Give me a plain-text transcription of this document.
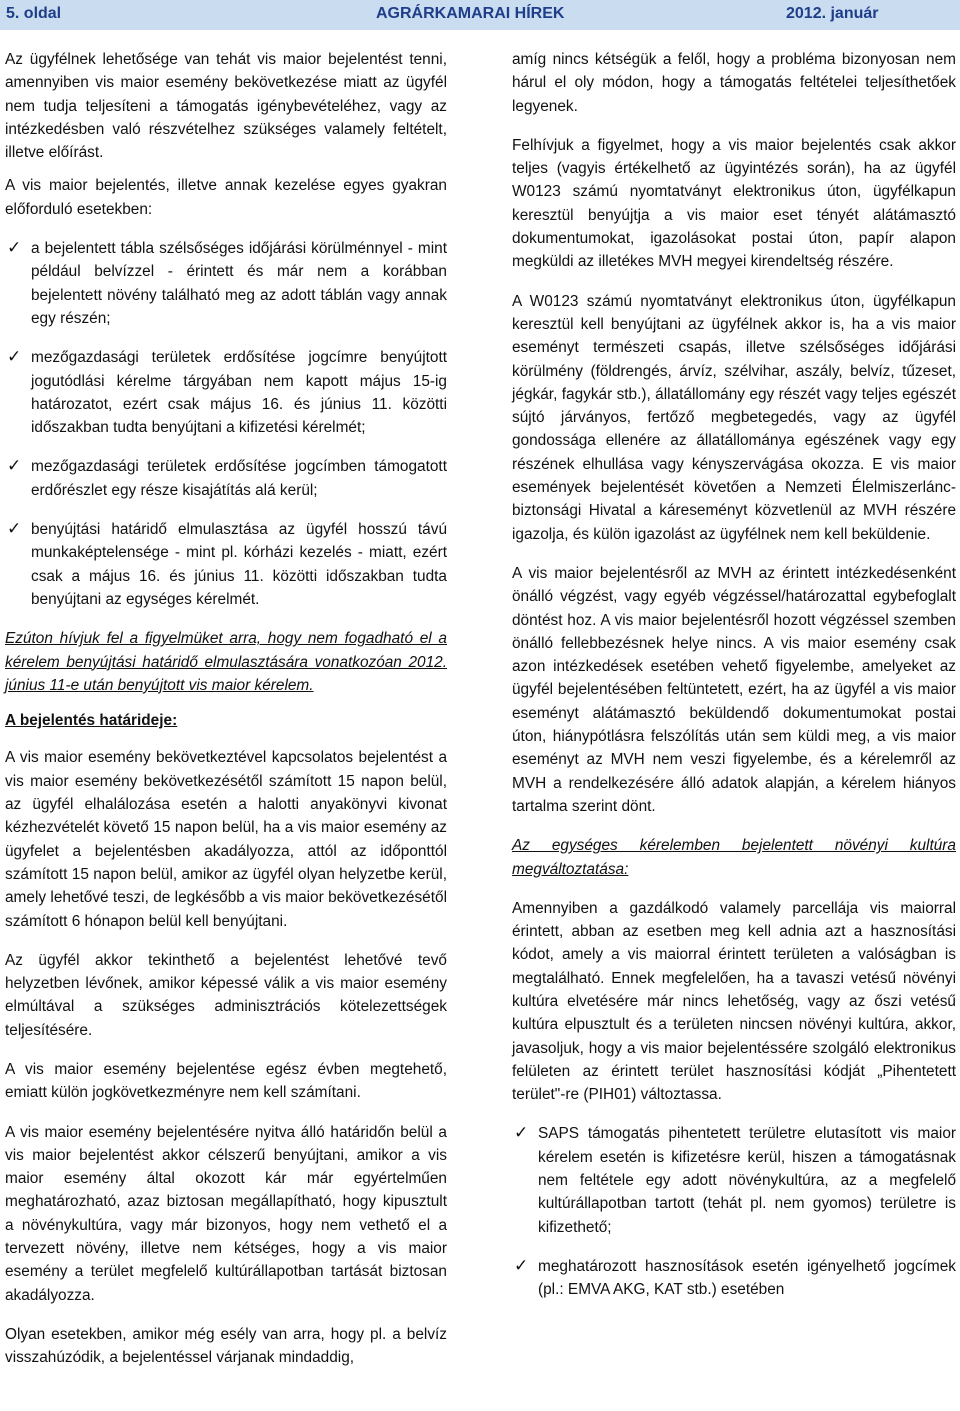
5. oldal	AGRÁRKAMARAI HÍREK	2012. január

Az ügyfélnek lehetősége van tehát vis maior bejelentést tenni, amennyiben vis maior esemény bekövetkezése miatt az ügyfél nem tudja teljesíteni a támogatás igénybevételéhez, vagy az intézkedésben való részvételhez szükséges valamely feltételt, illetve előírást.

A vis maior bejelentés, illetve annak kezelése egyes gyakran előforduló esetekben:

✓ a bejelentett tábla szélsőséges időjárási körülménnyel - mint például belvízzel - érintett és már nem a korábban bejelentett növény található meg az adott táblán vagy annak egy részén;
✓ mezőgazdasági területek erdősítése jogcímre benyújtott jogutódlási kérelme tárgyában nem kapott május 15-ig határozatot, ezért csak május 16. és június 11. közötti időszakban tudta benyújtani a kifizetési kérelmét;
✓ mezőgazdasági területek erdősítése jogcímben támogatott erdőrészlet egy része kisajátítás alá kerül;
✓ benyújtási határidő elmulasztása az ügyfél hosszú távú munkaképtelensége - mint pl. kórházi kezelés - miatt, ezért csak a május 16. és június 11. közötti időszakban tudta benyújtani az egységes kérelmét.

Ezúton hívjuk fel a figyelmüket arra, hogy nem fogadható el a kérelem benyújtási határidő elmulasztására vonatkozóan 2012. június 11-e után benyújtott vis maior kérelem.

A bejelentés határideje:

A vis maior esemény bekövetkeztével kapcsolatos bejelentést a vis maior esemény bekövetkezésétől számított 15 napon belül, az ügyfél elhalálozása esetén a halotti anyakönyvi kivonat kézhezvételét követő 15 napon belül, ha a vis maior esemény az ügyfelet a bejelentésben akadályozza, attól az időponttól számított 15 napon belül, amikor az ügyfél olyan helyzetbe kerül, amely lehetővé teszi, de legkésőbb a vis maior bekövetkezésétől számított 6 hónapon belül kell benyújtani.

Az ügyfél akkor tekinthető a bejelentést lehetővé tevő helyzetben lévőnek, amikor képessé válik a vis maior esemény elmúltával a szükséges adminisztrációs kötelezettségek teljesítésére.

A vis maior esemény bejelentése egész évben megtehető, emiatt külön jogkövetkezményre nem kell számítani.

A vis maior esemény bejelentésére nyitva álló határidőn belül a vis maior bejelentést akkor célszerű benyújtani, amikor a vis maior esemény által okozott kár már egyértelműen meghatározható, azaz biztosan megállapítható, hogy kipusztult a növénykultúra, vagy már bizonyos, hogy nem vethető el a tervezett növény, illetve nem kétséges, hogy a vis maior esemény a terület megfelelő kultúrállapotban tartását biztosan akadályozza.

Olyan esetekben, amikor még esély van arra, hogy pl. a belvíz visszahúzódik, a bejelentéssel várjanak mindaddig,

amíg nincs kétségük a felől, hogy a probléma bizonyosan nem hárul el oly módon, hogy a támogatás feltételei teljesíthetőek legyenek.

Felhívjuk a figyelmet, hogy a vis maior bejelentés csak akkor teljes (vagyis értékelhető az ügyintézés során), ha az ügyfél W0123 számú nyomtatványt elektronikus úton, ügyfélkapun keresztül benyújtja a vis maior eset tényét alátámasztó dokumentumokat, igazolásokat postai úton, papír alapon megküldi az illetékes MVH megyei kirendeltség részére.

A W0123 számú nyomtatványt elektronikus úton, ügyfélkapun keresztül kell benyújtani az ügyfélnek akkor is, ha a vis maior eseményt természeti csapás, illetve szélsőséges időjárási körülmény (földrengés, árvíz, szélvihar, aszály, belvíz, tűzeset, jégkár, fagykár stb.), állatállomány egy részét vagy teljes egészét sújtó járványos, fertőző megbetegedés, vagy az ügyfél gondossága ellenére az állatállománya egészének vagy egy részének elhullása vagy kényszervágása okozza. E vis maior események bejelentését követően a Nemzeti Élelmiszerlánc-biztonsági Hivatal a káreseményt közvetlenül az MVH részére igazolja, és külön igazolást az ügyfélnek nem kell beküldenie.

A vis maior bejelentésről az MVH az érintett intézkedésenként önálló végzést, vagy egyéb végzéssel/határozattal egybefoglalt döntést hoz. A vis maior bejelentésről hozott végzéssel szemben önálló fellebbezésnek helye nincs. A vis maior esemény csak azon intézkedések esetében vehető figyelembe, amelyeket az ügyfél bejelentésében feltüntetett, ezért, ha az ügyfél a vis maior eseményt alátámasztó beküldendő dokumentumokat postai úton, hiánypótlásra felszólítás után sem küldi meg, a vis maior eseményt az MVH nem veszi figyelembe, és a kérelemről az MVH a rendelkezésére álló adatok alapján, a kérelem hiányos tartalma szerint dönt.

Az egységes kérelemben bejelentett növényi kultúra megváltoztatása:

Amennyiben a gazdálkodó valamely parcellája vis maiorral érintett, abban az esetben meg kell adnia azt a hasznosítási kódot, amely a vis maiorral érintett területen a valóságban is megtalálható. Ennek megfelelően, ha a tavaszi vetésű növényi kultúra elvetésére már nincs lehetőség, vagy az őszi vetésű kultúra elpusztult és a területen nincsen növényi kultúra, akkor, javasoljuk, hogy a vis maior bejelentéssére szolgáló elektronikus felületen az érintett terület hasznosítási kódját „Pihentetett terület"-re (PIH01) változtassa.

✓ SAPS támogatás pihentetett területre elutasított vis maior kérelem esetén is kifizetésre kerül, hiszen a támogatásnak nem feltétele egy adott növénykultúra, az a megfelelő kultúrállapotban tartott (tehát pl. nem gyomos) területre is kifizethető;
✓ meghatározott hasznosítások esetén igényelhető jogcímek (pl.: EMVA AKG, KAT stb.) esetében
